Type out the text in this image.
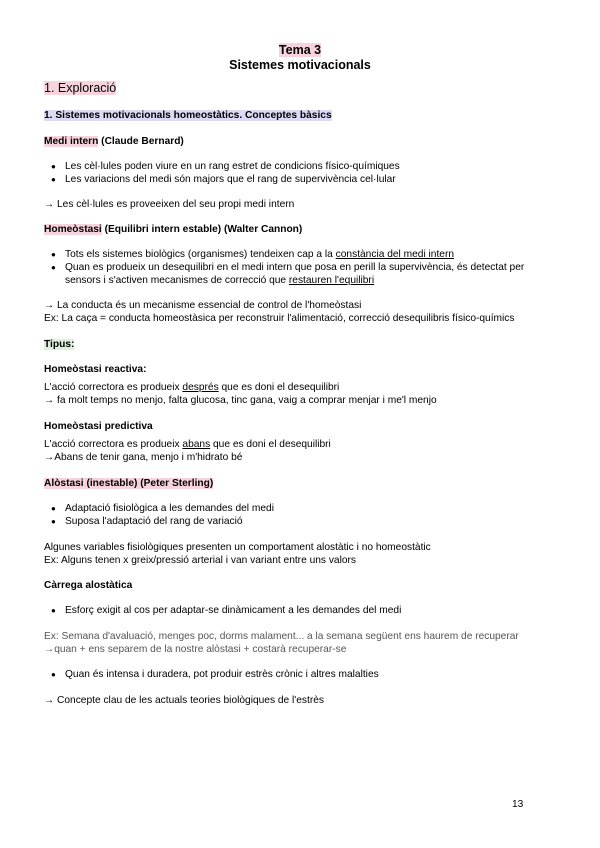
Tema 3
Sistemes motivacionals
1. Exploració
1. Sistemes motivacionals homeostàtics. Conceptes bàsics
Medi intern (Claude Bernard)
● Les cèl·lules poden viure en un rang estret de condicions físico-químiques
● Les variacions del medi són majors que el rang de supervivència cel·lular
→ Les cèl·lules es proveeixen del seu propi medi intern
Homeòstasi (Equilibri intern estable) (Walter Cannon)
● Tots els sistemes biològics (organismes) tendeixen cap a la constància del medi intern
● Quan es produeix un desequilibri en el medi intern que posa en perill la supervivència, és detectat per
sensors i s'activen mecanismes de correcció que restauren l'equilibri
→ La conducta és un mecanisme essencial de control de l'homeòstasi
Ex: La caça = conducta homeostàsica per reconstruir l'alimentació, correcció desequilibris físico-químics
Tipus:
Homeòstasi reactiva:
L'acció correctora es produeix després que es doni el desequilibri
→ fa molt temps no menjo, falta glucosa, tinc gana, vaig a comprar menjar i me'l menjo
Homeòstasi predictiva
L'acció correctora es produeix abans que es doni el desequilibri
→Abans de tenir gana, menjo i m'hidrato bé
Alòstasi (inestable) (Peter Sterling)
● Adaptació fisiològica a les demandes del medi
● Suposa l'adaptació del rang de variació
Algunes variables fisiològiques presenten un comportament alostàtic i no homeostàtic
Ex: Alguns tenen x greix/pressió arterial i van variant entre uns valors
Càrrega alostàtica
● Esforç exigit al cos per adaptar-se dinàmicament a les demandes del medi
Ex: Semana d'avaluació, menges poc, dorms malament... a la semana següent ens haurem de recuperar
→quan + ens separem de la nostre alòstasi + costarà recuperar-se
● Quan és intensa i duradera, pot produir estrès crònic i altres malalties
→ Concepte clau de les actuals teories biològiques de l'estrès
13
